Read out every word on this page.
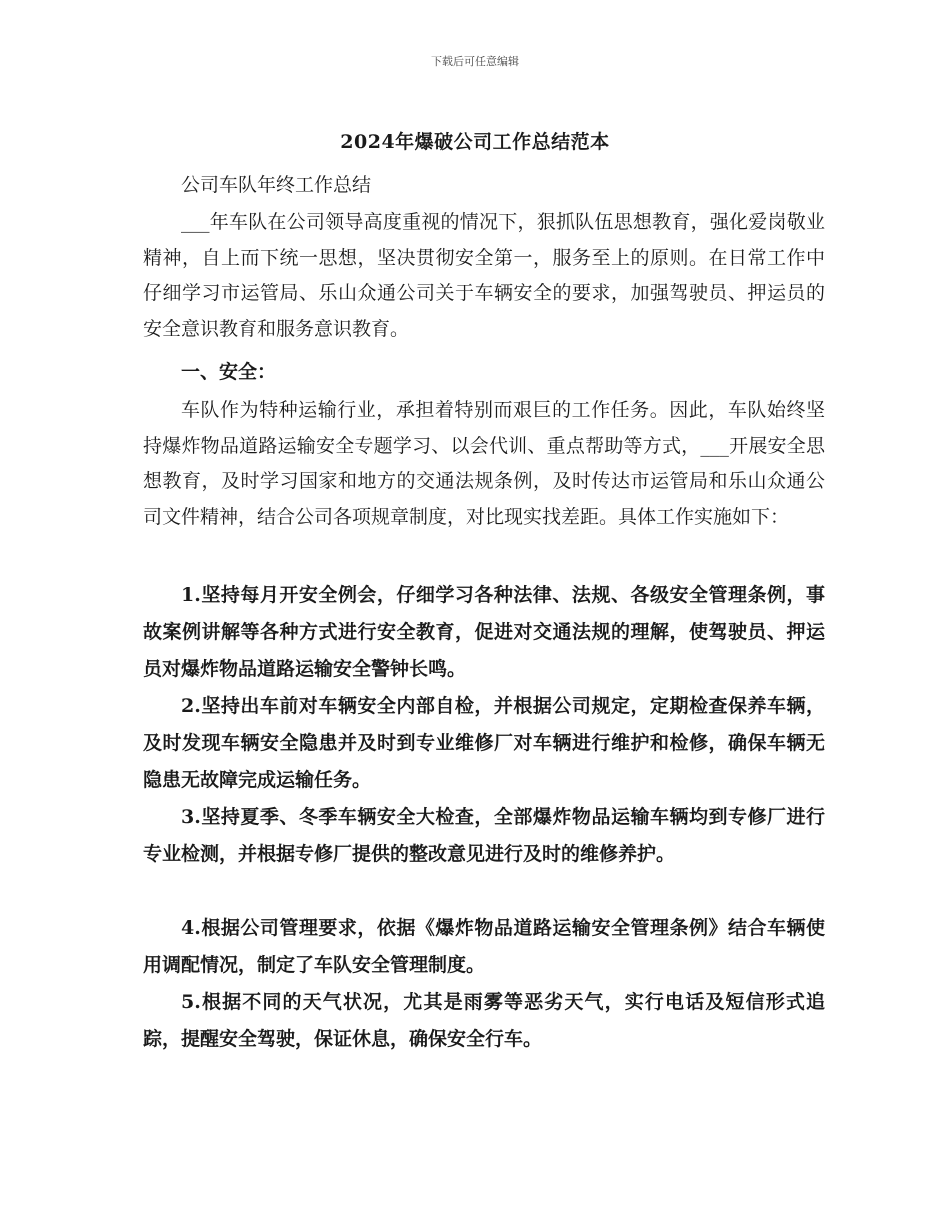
下载后可任意编辑
2024年爆破公司工作总结范本

公司车队年终工作总结

___年车队在公司领导高度重视的情况下，狠抓队伍思想教育，强化爱岗敬业精神，自上而下统一思想，坚决贯彻安全第一，服务至上的原则。在日常工作中仔细学习市运管局、乐山众通公司关于车辆安全的要求，加强驾驶员、押运员的安全意识教育和服务意识教育。

一、安全：

车队作为特种运输行业，承担着特别而艰巨的工作任务。因此，车队始终坚持爆炸物品道路运输安全专题学习、以会代训、重点帮助等方式，___开展安全思想教育，及时学习国家和地方的交通法规条例，及时传达市运管局和乐山众通公司文件精神，结合公司各项规章制度，对比现实找差距。具体工作实施如下：

1.坚持每月开安全例会，仔细学习各种法律、法规、各级安全管理条例，事故案例讲解等各种方式进行安全教育，促进对交通法规的理解，使驾驶员、押运员对爆炸物品道路运输安全警钟长鸣。

2.坚持出车前对车辆安全内部自检，并根据公司规定，定期检查保养车辆，及时发现车辆安全隐患并及时到专业维修厂对车辆进行维护和检修，确保车辆无隐患无故障完成运输任务。

3.坚持夏季、冬季车辆安全大检查，全部爆炸物品运输车辆均到专修厂进行专业检测，并根据专修厂提供的整改意见进行及时的维修养护。

4.根据公司管理要求，依据《爆炸物品道路运输安全管理条例》结合车辆使用调配情况，制定了车队安全管理制度。

5.根据不同的天气状况，尤其是雨雾等恶劣天气，实行电话及短信形式追踪，提醒安全驾驶，保证休息，确保安全行车。
